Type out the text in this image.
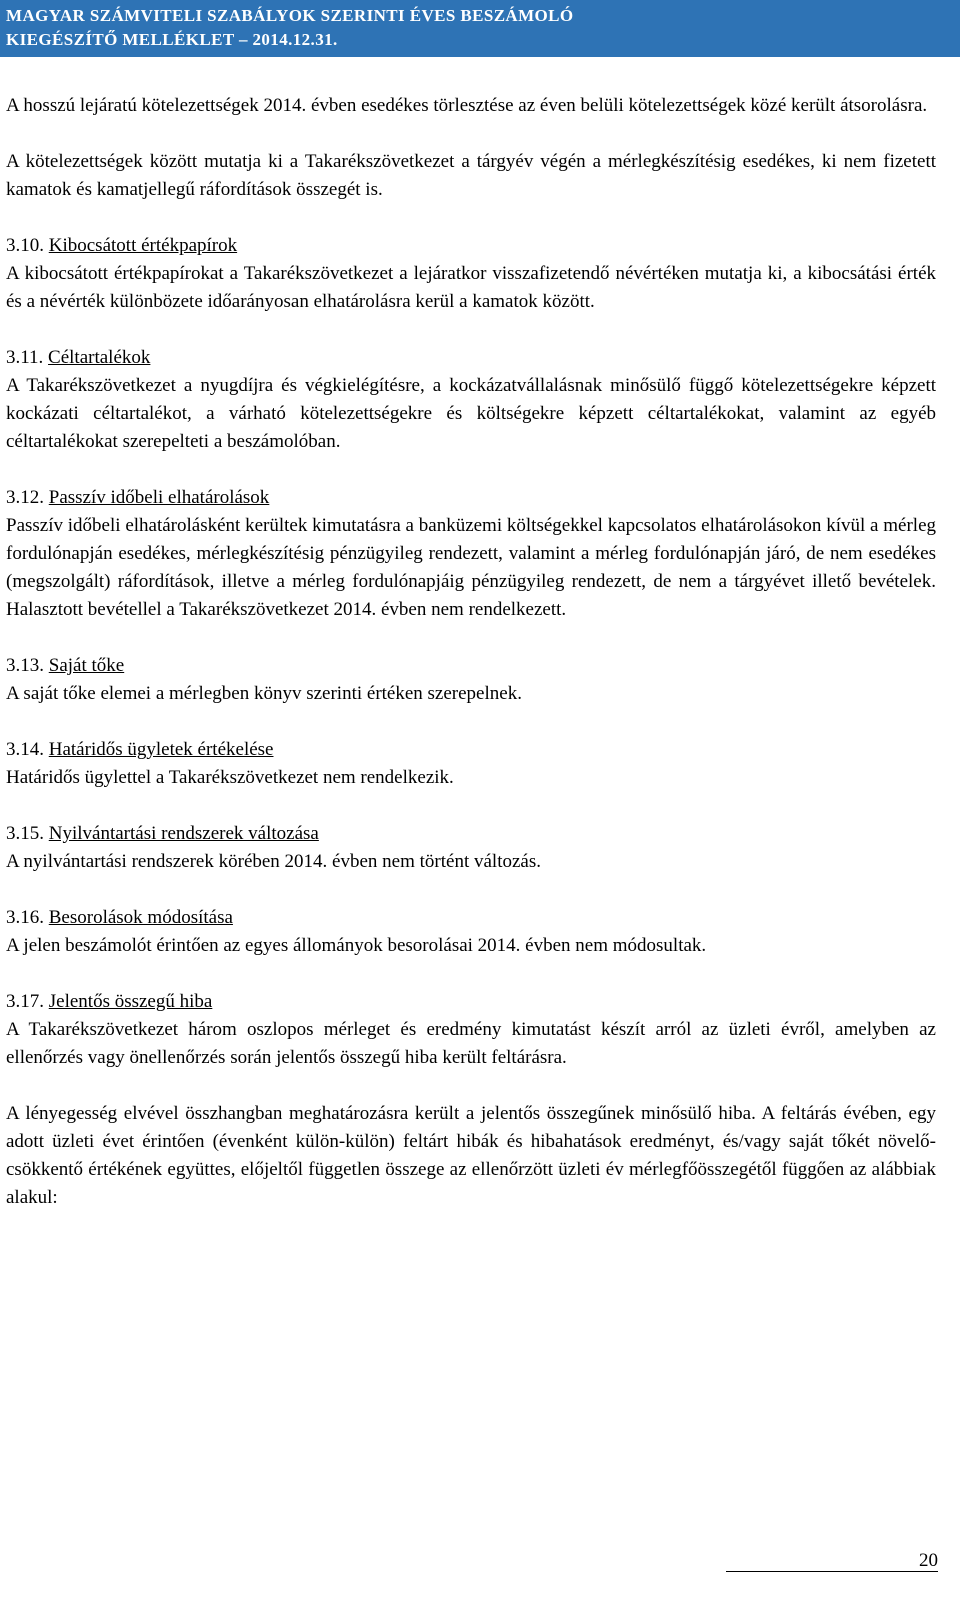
MAGYAR SZÁMVITELI SZABÁLYOK SZERINTI ÉVES BESZÁMOLÓ
KIEGÉSZÍTŐ MELLÉKLET – 2014.12.31.

A hosszú lejáratú kötelezettségek 2014. évben esedékes törlesztése az éven belüli kötelezettségek közé került átsorolásra.

A kötelezettségek között mutatja ki a Takarékszövetkezet a tárgyév végén a mérlegkészítésig esedékes, ki nem fizetett kamatok és kamatjellegű ráfordítások összegét is.

3.10. Kibocsátott értékpapírok

A kibocsátott értékpapírokat a Takarékszövetkezet a lejáratkor visszafizetendő névértéken mutatja ki, a kibocsátási érték és a névérték különbözete időarányosan elhatárolásra kerül a kamatok között.

3.11. Céltartalékok

A Takarékszövetkezet a nyugdíjra és végkielégítésre, a kockázatvállalásnak minősülő függő kötelezettségekre képzett kockázati céltartalékot, a várható kötelezettségekre és költségekre képzett céltartalékokat, valamint az egyéb céltartalékokat szerepelteti a beszámolóban.

3.12. Passzív időbeli elhatárolások

Passzív időbeli elhatárolásként kerültek kimutatásra a banküzemi költségekkel kapcsolatos elhatárolásokon kívül a mérleg fordulónapján esedékes, mérlegkészítésig pénzügyileg rendezett, valamint a mérleg fordulónapján járó, de nem esedékes (megszolgált) ráfordítások, illetve a mérleg fordulónapjáig pénzügyileg rendezett, de nem a tárgyévet illető bevételek. Halasztott bevétellel a Takarékszövetkezet 2014. évben nem rendelkezett.

3.13. Saját tőke

A saját tőke elemei a mérlegben könyv szerinti értéken szerepelnek.

3.14. Határidős ügyletek értékelése

Határidős ügylettel a Takarékszövetkezet nem rendelkezik.

3.15. Nyilvántartási rendszerek változása

A nyilvántartási rendszerek körében 2014. évben nem történt változás.

3.16. Besorolások módosítása

A jelen beszámolót érintően az egyes állományok besorolásai 2014. évben nem módosultak.

3.17. Jelentős összegű hiba

A Takarékszövetkezet három oszlopos mérleget és eredmény kimutatást készít arról az üzleti évről, amelyben az ellenőrzés vagy önellenőrzés során jelentős összegű hiba került feltárásra.

A lényegesség elvével összhangban meghatározásra került a jelentős összegűnek minősülő hiba. A feltárás évében, egy adott üzleti évet érintően (évenként külön-külön) feltárt hibák és hibahatások eredményt, és/vagy saját tőkét növelő-csökkentő értékének együttes, előjeltől független összege az ellenőrzött üzleti év mérlegfőösszegétől függően az alábbiak alakul:

20
